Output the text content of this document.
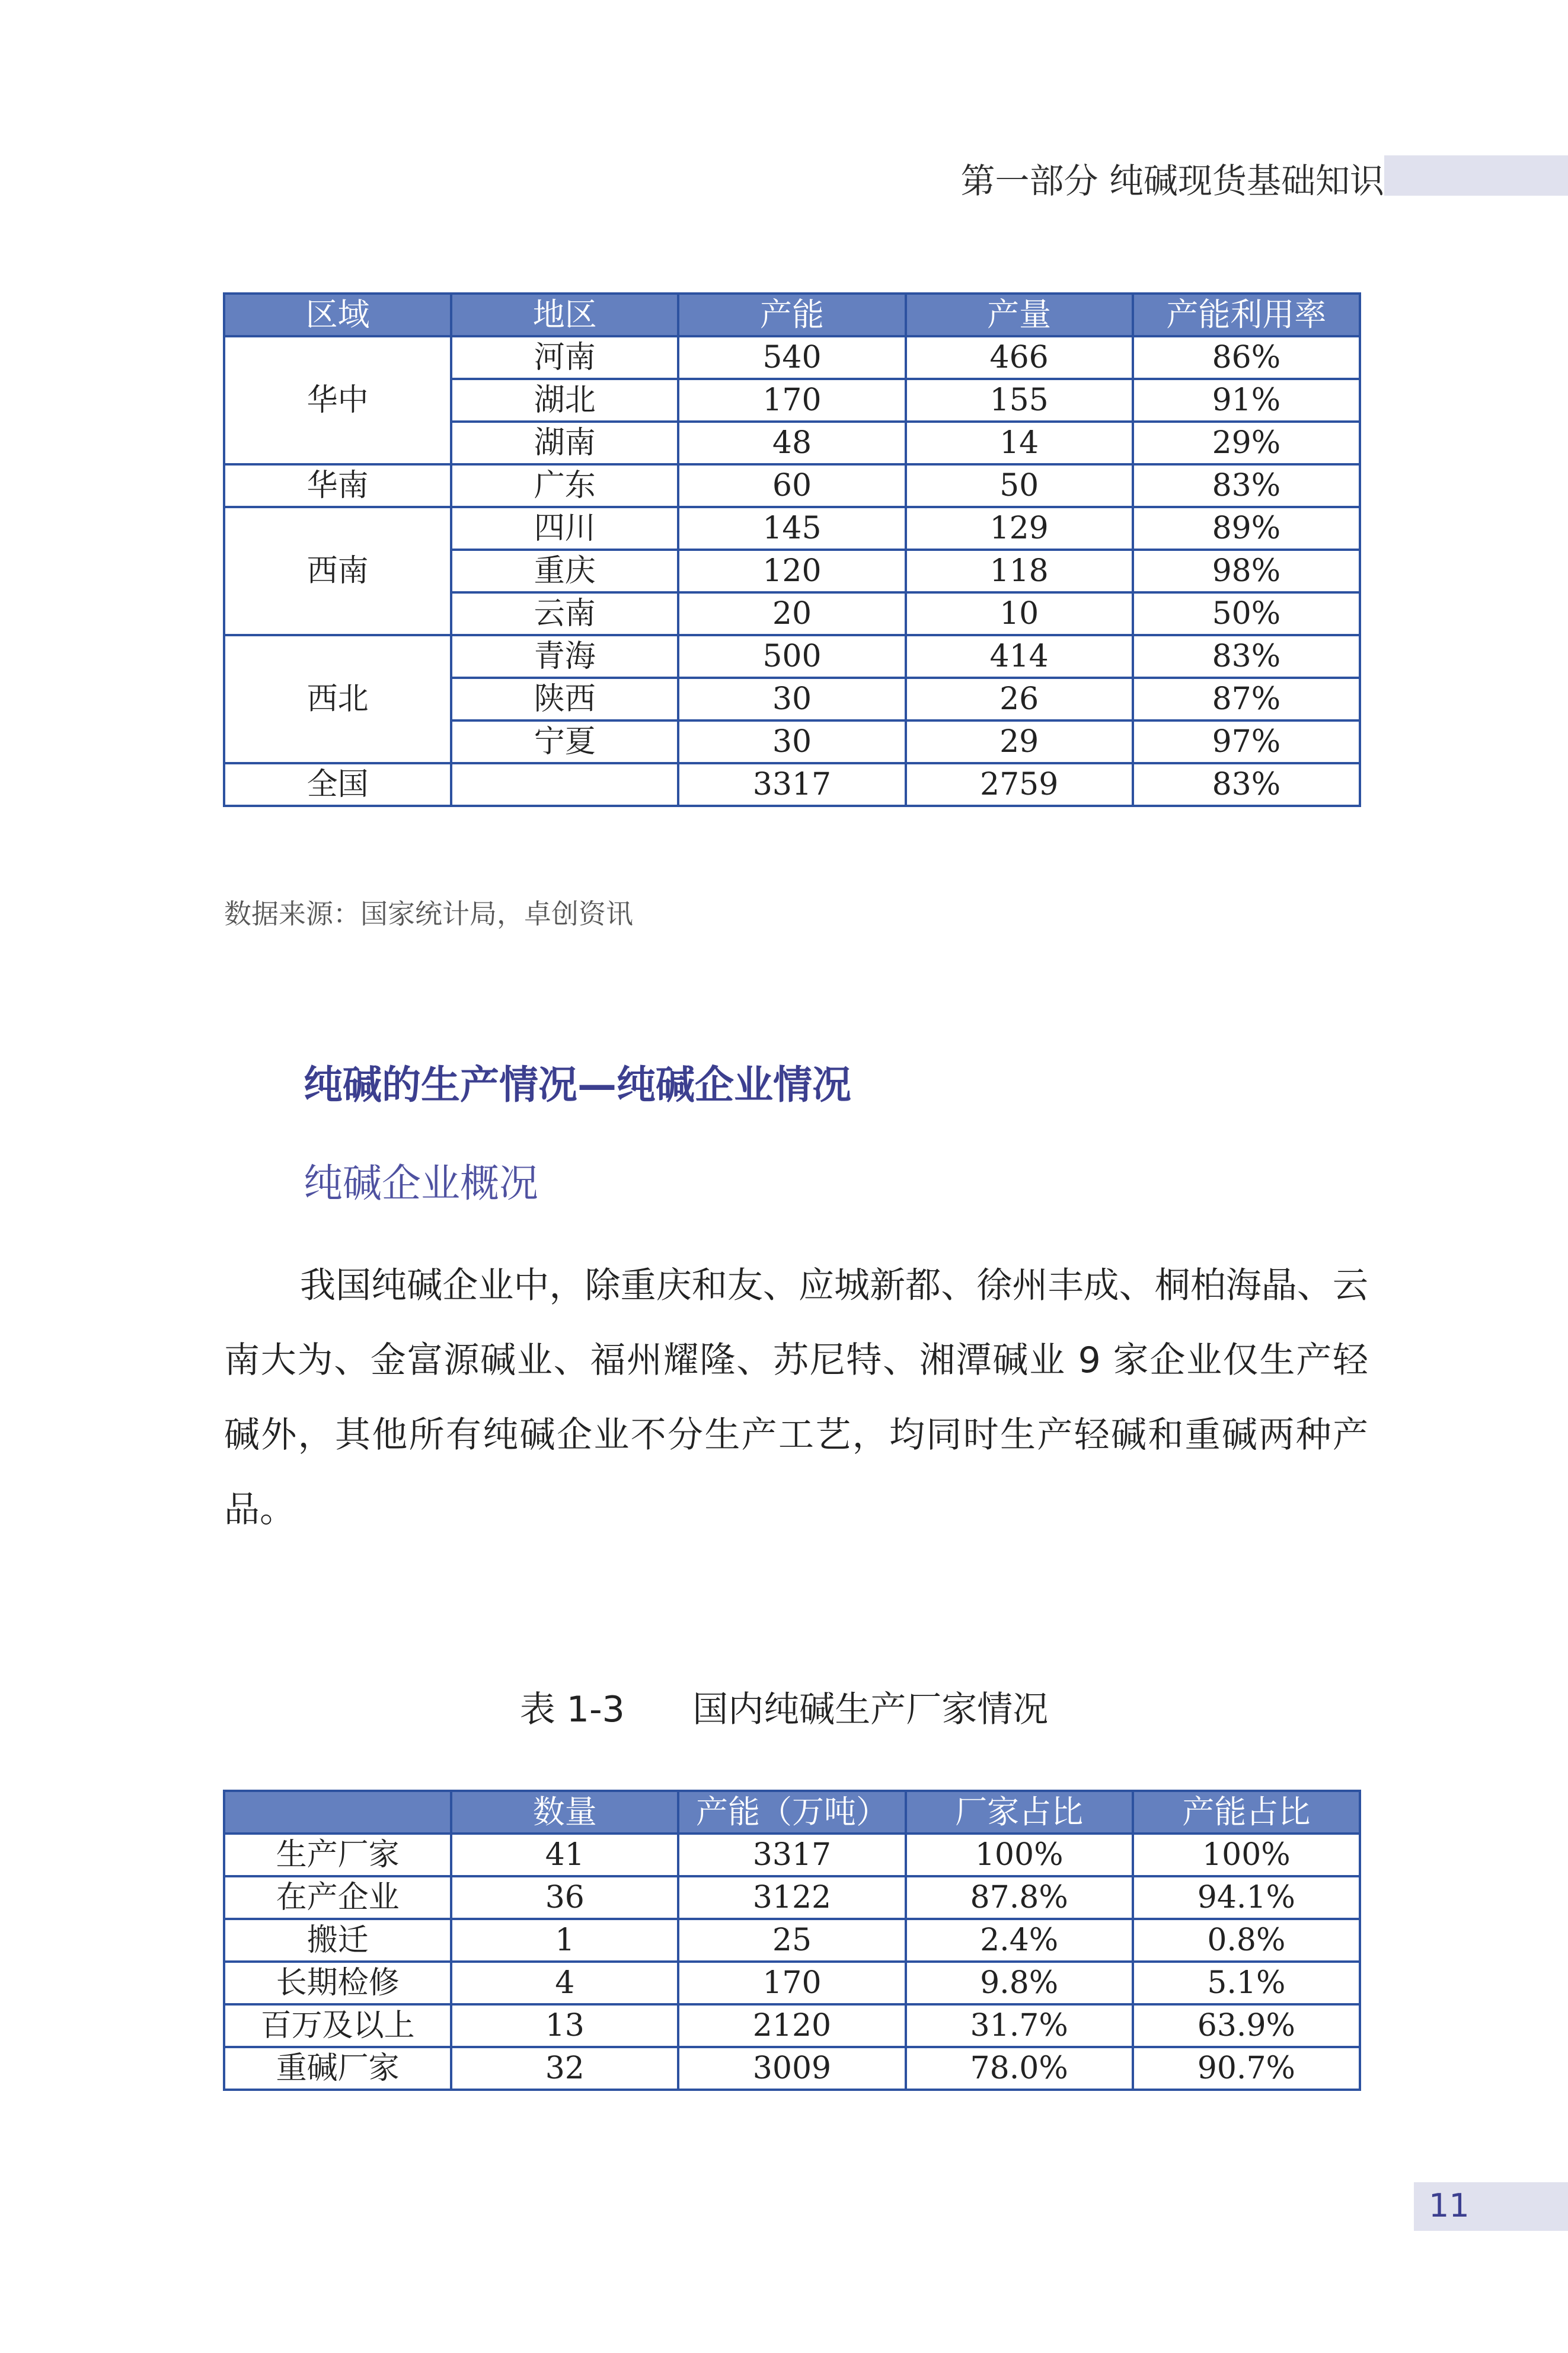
第一部分 纯碱现货基础知识
区域	地区	产能	产量	产能利用率
华中	河南	540	466	86%
	湖北	170	155	91%
	湖南	48	14	29%
华南	广东	60	50	83%
西南	四川	145	129	89%
	重庆	120	118	98%
	云南	20	10	50%
西北	青海	500	414	83%
	陕西	30	26	87%
	宁夏	30	29	97%
全国		3317	2759	83%
数据来源：国家统计局，卓创资讯
纯碱的生产情况—纯碱企业情况
纯碱企业概况

我国纯碱企业中，除重庆和友、应城新都、徐州丰成、桐柏海晶、云南大为、金富源碱业、福州耀隆、苏尼特、湘潭碱业 9 家企业仅生产轻碱外，其他所有纯碱企业不分生产工艺，均同时生产轻碱和重碱两种产品。

表 1-3      国内纯碱生产厂家情况
	数量	产能（万吨）	厂家占比	产能占比
生产厂家	41	3317	100%	100%
在产企业	36	3122	87.8%	94.1%
搬迁	1	25	2.4%	0.8%
长期检修	4	170	9.8%	5.1%
百万及以上	13	2120	31.7%	63.9%
重碱厂家	32	3009	78.0%	90.7%
11
